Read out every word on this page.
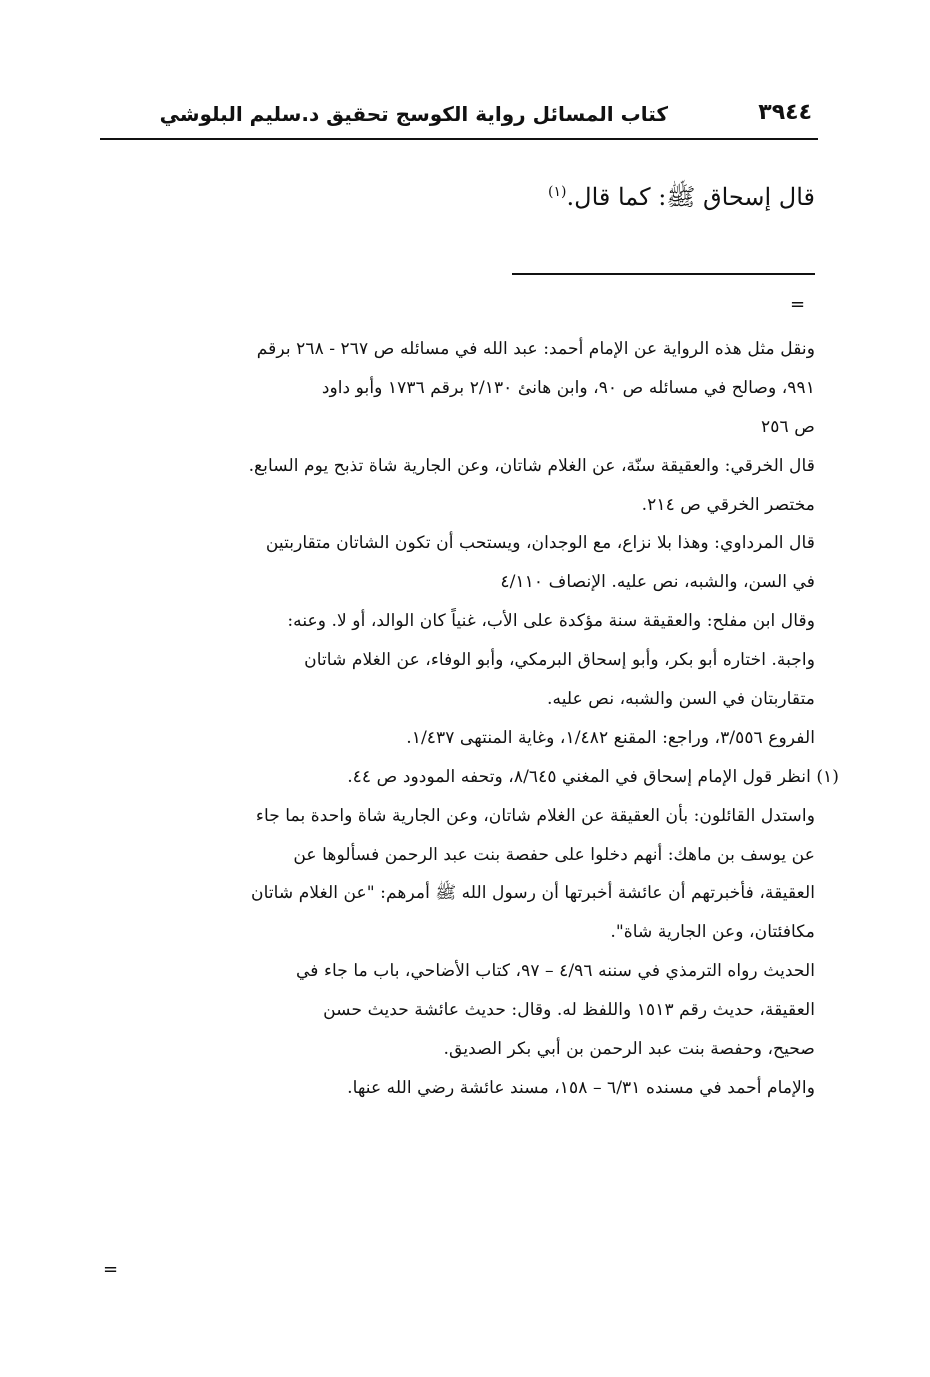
٣٩٤٤
كتاب المسائل رواية الكوسج تحقيق د.سليم البلوشي
قال إسحاق ﷺ: كما قال.$^{(١)}$
=
ونقل مثل هذه الرواية عن الإمام أحمد: عبد الله في مسائله ص ٢٦٧ - ٢٦٨ برقم
٩٩١، وصالح في مسائله ص ٩٠، وابن هانئ ٢/١٣٠ برقم ١٧٣٦ وأبو داود
ص ٢٥٦
قال الخرقي: والعقيقة سنّة، عن الغلام شاتان، وعن الجارية شاة تذبح يوم السابع.
مختصر الخرقي ص ٢١٤.
قال المرداوي: وهذا بلا نزاع، مع الوجدان، ويستحب أن تكون الشاتان متقاربتين
في السن، والشبه، نص عليه. الإنصاف ٤/١١٠
وقال ابن مفلح: والعقيقة سنة مؤكدة على الأب، غنياً كان الوالد، أو لا. وعنه:
واجبة. اختاره أبو بكر، وأبو إسحاق البرمكي، وأبو الوفاء، عن الغلام شاتان
متقاربتان في السن والشبه، نص عليه.
الفروع ٣/٥٥٦، وراجع: المقنع ١/٤٨٢، وغاية المنتهى ١/٤٣٧.
(١) انظر قول الإمام إسحاق في المغني ٨/٦٤٥، وتحفه المودود ص ٤٤.
واستدل القائلون: بأن العقيقة عن الغلام شاتان، وعن الجارية شاة واحدة بما جاء
عن يوسف بن ماهك: أنهم دخلوا على حفصة بنت عبد الرحمن فسألوها عن
العقيقة، فأخبرتهم أن عائشة أخبرتها أن رسول الله ﷺ أمرهم: "عن الغلام شاتان
مكافئتان، وعن الجارية شاة".
الحديث رواه الترمذي في سننه ٤/٩٦ – ٩٧، كتاب الأضاحي، باب ما جاء في
العقيقة، حديث رقم ١٥١٣ واللفظ له. وقال: حديث عائشة حديث حسن
صحيح، وحفصة بنت عبد الرحمن بن أبي بكر الصديق.
والإمام أحمد في مسنده ٦/٣١ – ١٥٨، مسند عائشة رضي الله عنها.
=
